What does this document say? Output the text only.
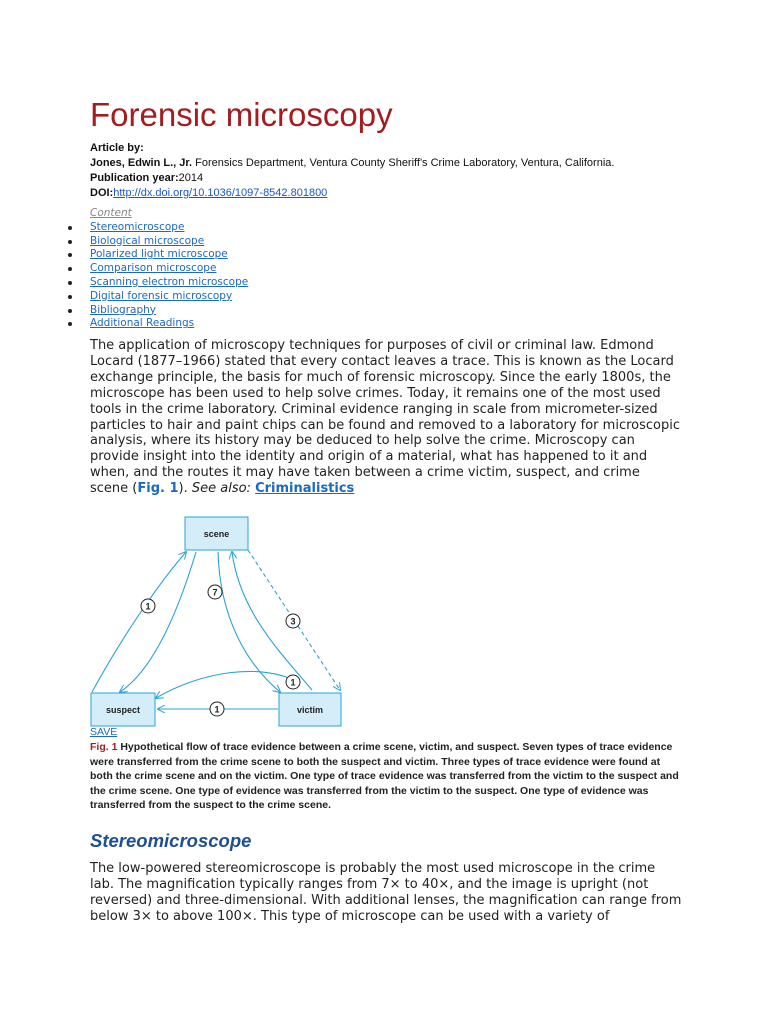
Forensic microscopy
Article by:
Jones, Edwin L., Jr. Forensics Department, Ventura County Sheriff's Crime Laboratory, Ventura, California.
Publication year:2014
DOI:http://dx.doi.org/10.1036/1097-8542.801800
Content
Stereomicroscope
Biological microscope
Polarized light microscope
Comparison microscope
Scanning electron microscope
Digital forensic microscopy
Bibliography
Additional Readings

The application of microscopy techniques for purposes of civil or criminal law. Edmond Locard (1877–1966) stated that every contact leaves a trace. This is known as the Locard exchange principle, the basis for much of forensic microscopy. Since the early 1800s, the microscope has been used to help solve crimes. Today, it remains one of the most used tools in the crime laboratory. Criminal evidence ranging in scale from micrometer-sized particles to hair and paint chips can be found and removed to a laboratory for microscopic analysis, where its history may be deduced to help solve the crime. Microscopy can provide insight into the identity and origin of a material, what has happened to it and when, and the routes it may have taken between a crime victim, suspect, and crime scene (Fig. 1). See also: Criminalistics

scene
suspect	victim
1
7
3
1
1
SAVE

Fig. 1 Hypothetical flow of trace evidence between a crime scene, victim, and suspect. Seven types of trace evidence were transferred from the crime scene to both the suspect and victim. Three types of trace evidence were found at both the crime scene and on the victim. One type of trace evidence was transferred from the victim to the suspect and the crime scene. One type of evidence was transferred from the victim to the suspect. One type of evidence was transferred from the suspect to the crime scene.

Stereomicroscope

The low-powered stereomicroscope is probably the most used microscope in the crime lab. The magnification typically ranges from 7× to 40×, and the image is upright (not reversed) and three-dimensional. With additional lenses, the magnification can range from below 3× to above 100×. This type of microscope can be used with a variety of
